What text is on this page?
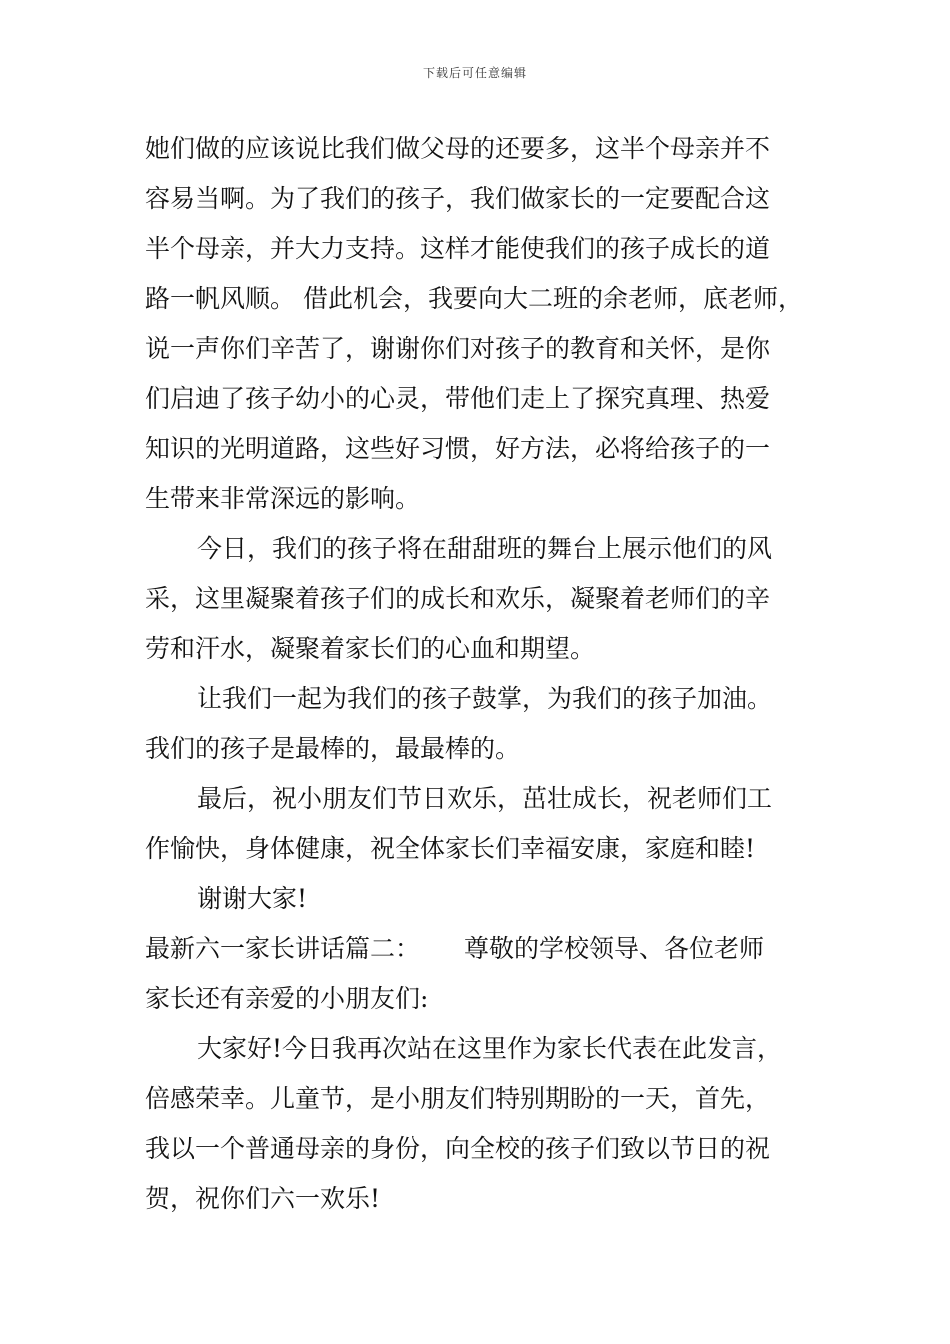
下载后可任意编辑
她们做的应该说比我们做父母的还要多，这半个母亲并不
容易当啊。为了我们的孩子，我们做家长的一定要配合这
半个母亲，并大力支持。这样才能使我们的孩子成长的道
路一帆风顺。 借此机会，我要向大二班的余老师，底老师，
说一声你们辛苦了，谢谢你们对孩子的教育和关怀，是你
们启迪了孩子幼小的心灵，带他们走上了探究真理、热爱
知识的光明道路，这些好习惯，好方法，必将给孩子的一
生带来非常深远的影响。
今日，我们的孩子将在甜甜班的舞台上展示他们的风
采，这里凝聚着孩子们的成长和欢乐，凝聚着老师们的辛
劳和汗水，凝聚着家长们的心血和期望。
让我们一起为我们的孩子鼓掌，为我们的孩子加油。
我们的孩子是最棒的，最最棒的。
最后，祝小朋友们节日欢乐，茁壮成长，祝老师们工
作愉快，身体健康，祝全体家长们幸福安康，家庭和睦!
谢谢大家!
最新六一家长讲话篇二： 尊敬的学校领导、各位老师
家长还有亲爱的小朋友们:
大家好!今日我再次站在这里作为家长代表在此发言，
倍感荣幸。儿童节，是小朋友们特别期盼的一天，首先，
我以一个普通母亲的身份，向全校的孩子们致以节日的祝
贺，祝你们六一欢乐!
